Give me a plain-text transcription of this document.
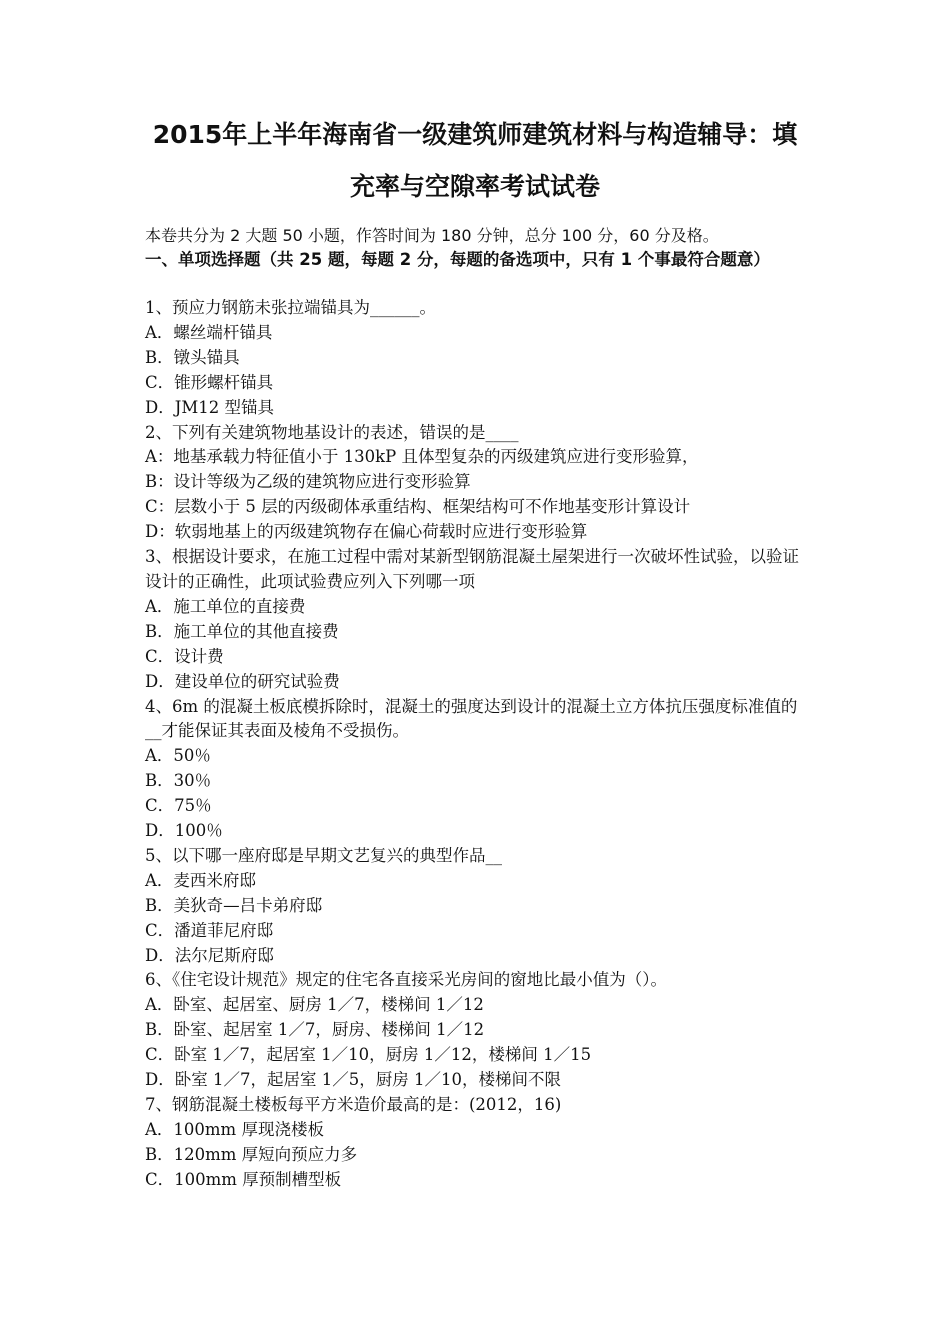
2015年上半年海南省一级建筑师建筑材料与构造辅导：填
充率与空隙率考试试卷

本卷共分为 2 大题 50 小题，作答时间为 180 分钟，总分 100 分，60 分及格。

一、单项选择题（共 25 题，每题 2 分，每题的备选项中，只有 1 个事最符合题意）

1、预应力钢筋未张拉端锚具为______。

A．螺丝端杆锚具

B．镦头锚具

C．锥形螺杆锚具

D．JM12 型锚具

2、下列有关建筑物地基设计的表述，错误的是____

A：地基承载力特征值小于 130kP 且体型复杂的丙级建筑应进行变形验算，

B：设计等级为乙级的建筑物应进行变形验算

C：层数小于 5 层的丙级砌体承重结构、框架结构可不作地基变形计算设计

D：软弱地基上的丙级建筑物存在偏心荷载时应进行变形验算

3、根据设计要求，在施工过程中需对某新型钢筋混凝土屋架进行一次破坏性试验，以验证设计的正确性，此项试验费应列入下列哪一项

A．施工单位的直接费

B．施工单位的其他直接费

C．设计费

D．建设单位的研究试验费

4、6m 的混凝土板底模拆除时，混凝土的强度达到设计的混凝土立方体抗压强度标准值的__才能保证其表面及棱角不受损伤。

A．50％

B．30％

C．75％

D．100％

5、以下哪一座府邸是早期文艺复兴的典型作品__

A．麦西米府邸

B．美狄奇—吕卡弟府邸

C．潘道菲尼府邸

D．法尔尼斯府邸

6、《住宅设计规范》规定的住宅各直接采光房间的窗地比最小值为（）。

A．卧室、起居室、厨房 1／7，楼梯间 1／12

B．卧室、起居室 1／7，厨房、楼梯间 1／12

C．卧室 1／7，起居室 1／10，厨房 1／12，楼梯间 1／15

D．卧室 1／7，起居室 1／5，厨房 1／10，楼梯间不限

7、钢筋混凝土楼板每平方米造价最高的是：(2012，16)

A．100mm 厚现浇楼板

B．120mm 厚短向预应力多

C．100mm 厚预制槽型板
